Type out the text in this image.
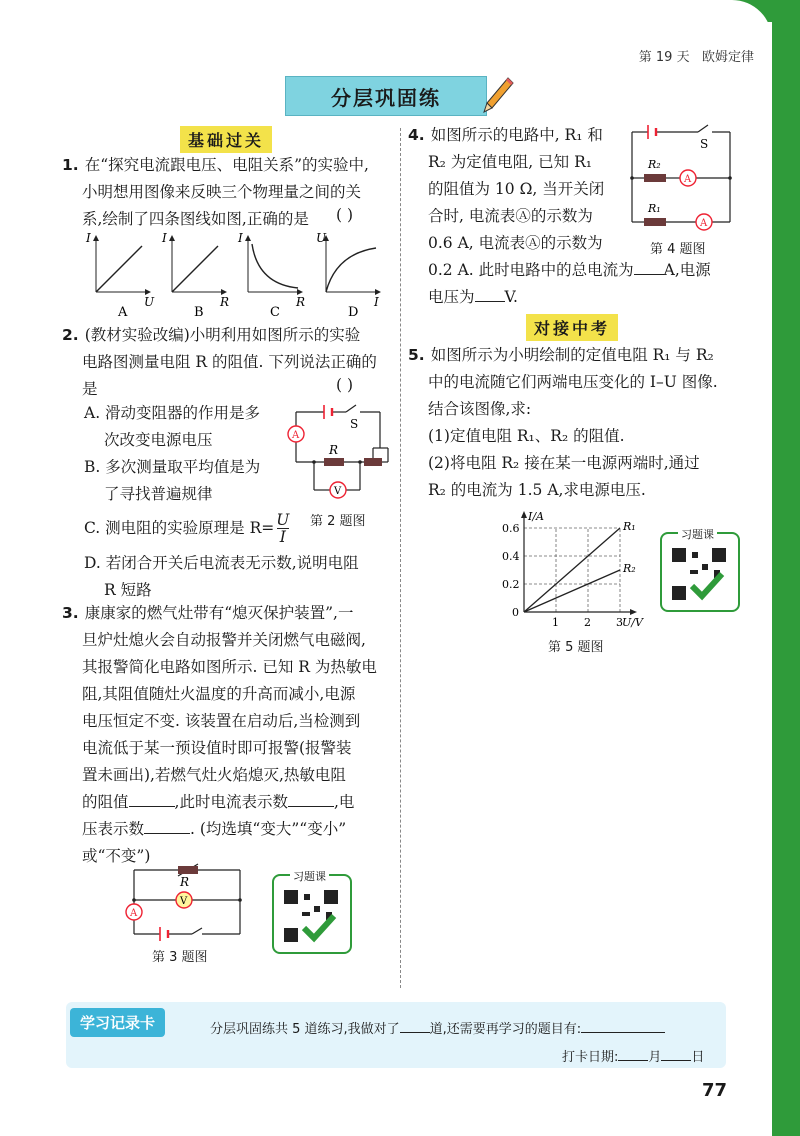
第 19 天 欧姆定律
分层巩固练
基础过关
1. 在“探究电流跟电压、电阻关系”的实验中,
小明想用图像来反映三个物理量之间的关
系,绘制了四条图线如图,正确的是	( )
I
U
A
I
R
B
I
R
C
U
I
D
2. (教材实验改编)小明利用如图所示的实验
电路图测量电阻 R 的阻值. 下列说法正确的
是	( )
A. 滑动变阻器的作用是多
次改变电源电压
B. 多次测量取平均值是为
了寻找普遍规律
C. 测电阻的实验原理是 $R= \frac{U}{I}$
D. 若闭合开关后电流表无示数,说明电阻
R 短路
A
V
S
R
第 2 题图
3. 康康家的燃气灶带有“熄灭保护装置”,一
旦炉灶熄火会自动报警并关闭燃气电磁阀,
其报警简化电路如图所示. 已知 R 为热敏电
阻,其阻值随灶火温度的升高而减小,电源
电压恒定不变. 该装置在启动后,当检测到
电流低于某一预设值时即可报警(报警装
置未画出),若燃气灶火焰熄灭,热敏电阻
的阻值	,此时电流表示数	,电
压表示数	. (均选填“变大”“变小”
或“不变”)
A
V
R
第 3 题图
习题课
4. 如图所示的电路中, R₁ 和
R₂ 为定值电阻, 已知 R₁
的阻值为 10 Ω, 当开关闭
合时, 电流表Ⓐ的示数为
0.6 A, 电流表Ⓐ的示数为
0.2 A. 此时电路中的总电流为 A,电源
电压为 V.
A
A
S
R₂
R₁
第 4 题图
对接中考
5. 如图所示为小明绘制的定值电阻 R₁ 与 R₂
中的电流随它们两端电压变化的 I–U 图像.
结合该图像,求:
(1)定值电阻 R₁、R₂ 的阻值.
(2)将电阻 R₂ 接在某一电源两端时,通过
R₂ 的电流为 1.5 A,求电源电压.
1 2 3
0.2
0.4
0.6
I/A
U/V
0
R₁
R₂
第 5 题图
习题课
学习记录卡	分层巩固练共 5 道练习,我做对了 道,还需要再学习的题目有:
打卡日期: 月 日
77
